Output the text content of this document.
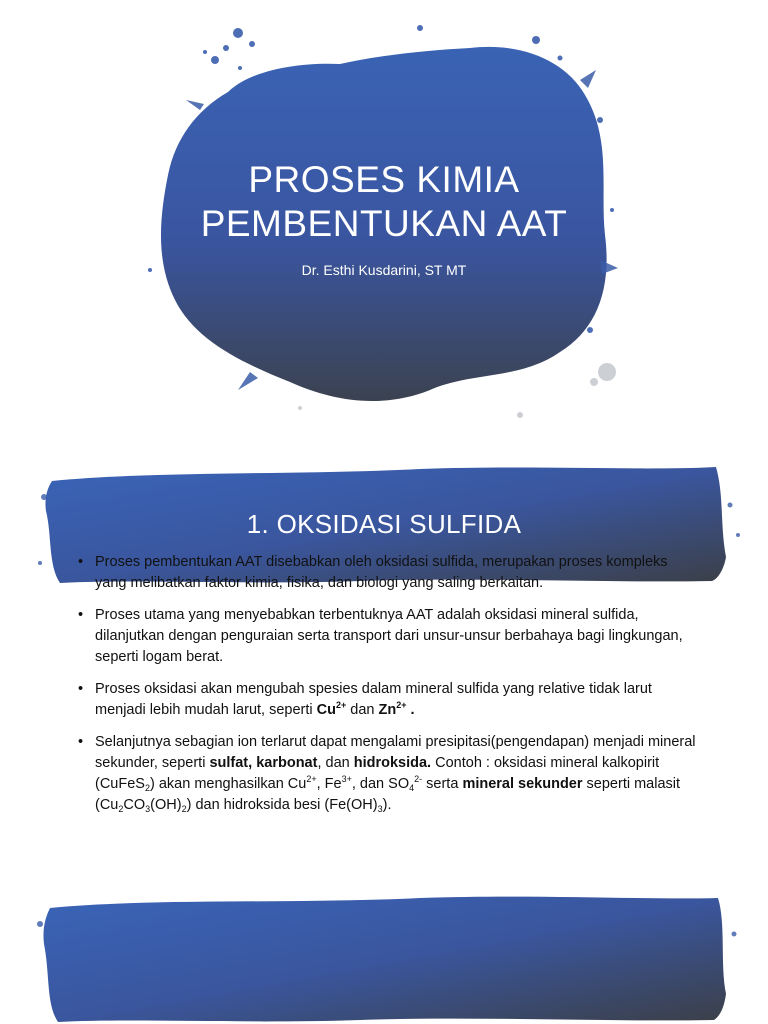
PROSES KIMIA
PEMBENTUKAN AAT
Dr. Esthi Kusdarini, ST MT
1. OKSIDASI SULFIDA
• Proses pembentukan AAT disebabkan oleh oksidasi sulfida, merupakan proses kompleks yang melibatkan faktor kimia, fisika, dan biologi yang saling berkaitan.
• Proses utama yang menyebabkan terbentuknya AAT adalah oksidasi mineral sulfida, dilanjutkan dengan penguraian serta transport dari unsur-unsur berbahaya bagi lingkungan, seperti logam berat.
• Proses oksidasi akan mengubah spesies dalam mineral sulfida yang relative tidak larut menjadi lebih mudah larut, seperti $Cu^{2+}$ dan $Zn^{2+}$ .
• Selanjutnya sebagian ion terlarut dapat mengalami presipitasi(pengendapan) menjadi mineral sekunder, seperti sulfat, karbonat, dan hidroksida. Contoh : oksidasi mineral kalkopirit (CuFeS$_2$) akan menghasilkan $Cu^{2+}$, $Fe^{3+}$, dan $SO_4^{2-}$ serta mineral sekunder seperti malasit $(Cu_2CO_3(OH)_2)$ dan hidroksida besi $(Fe(OH)_3)$.
